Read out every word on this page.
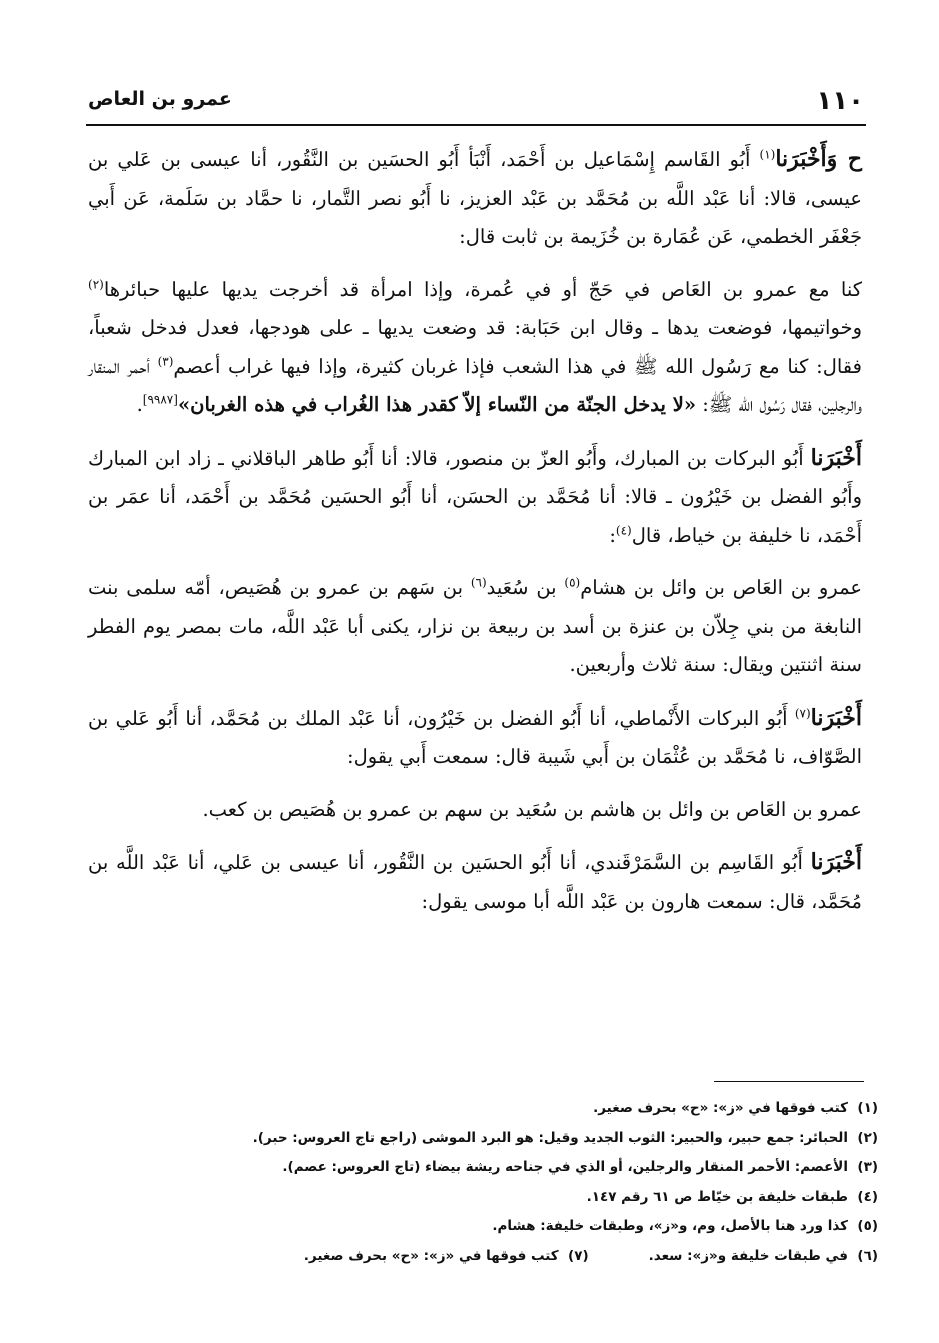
١١٠
عمرو بن العاص

ح وَأَخْبَرَنا$^{(١)}$ أَبُو القَاسم إِسْمَاعيل بن أَحْمَد، أَنْبَأ أَبُو الحسَين بن النَّقُور، أنا عيسى بن عَلي بن عيسى، قالا: أنا عَبْد اللَّه بن مُحَمَّد بن عَبْد العزيز، نا أَبُو نصر التَّمار، نا حمَّاد بن سَلَمة، عَن أَبي جَعْفَر الخطمي، عَن عُمَارة بن خُزَيمة بن ثابت قال:

كنا مع عمرو بن العَاص في حَجّ أو في عُمرة، وإذا امرأة قد أخرجت يديها عليها حبائرها$^{(٢)}$ وخواتيمها، فوضعت يدها ـ وقال ابن حَبَابة: قد وضعت يديها ـ على هودجها، فعدل فدخل شعباً، فقال: كنا مع رَسُول الله ﷺ في هذا الشعب فإذا غربان كثيرة، وإذا فيها غراب أعصم$^{(٣)}$ أحمر المنقار والرجلين، فقال رَسُول الله ﷺ: «لا يدخل الجنّة من النّساء إلاّ كقدر هذا الغُراب في هذه الغربان»[٩٩٨٧].

أَخْبَرَنا أَبُو البركات بن المبارك، وأَبُو العزّ بن منصور، قالا: أنا أَبُو طاهر الباقلاني ـ زاد ابن المبارك وأَبُو الفضل بن خَيْرُون ـ قالا: أنا مُحَمَّد بن الحسَن، أنا أَبُو الحسَين مُحَمَّد بن أَحْمَد، أنا عمَر بن أَحْمَد، نا خليفة بن خياط، قال$^{(٤)}$:

عمرو بن العَاص بن وائل بن هشام$^{(٥)}$ بن سُعَيد$^{(٦)}$ بن سَهم بن عمرو بن هُصَيص، أمّه سلمى بنت النابغة من بني جِلاّن بن عنزة بن أسد بن ربيعة بن نزار، يكنى أبا عَبْد اللَّه، مات بمصر يوم الفطر سنة اثنتين ويقال: سنة ثلاث وأربعين.

أَخْبَرَنا$^{(٧)}$ أَبُو البركات الأَنْماطي، أنا أَبُو الفضل بن خَيْرُون، أنا عَبْد الملك بن مُحَمَّد، أنا أَبُو عَلي بن الصَّوّاف، نا مُحَمَّد بن عُثْمَان بن أَبي شَيبة قال: سمعت أَبي يقول:

عمرو بن العَاص بن وائل بن هاشم بن سُعَيد بن سهم بن عمرو بن هُصَيص بن كعب.

أَخْبَرَنا أَبُو القَاسِم بن السَّمَرْقَندي، أنا أَبُو الحسَين بن النَّقُور، أنا عيسى بن عَلي، أنا عَبْد اللَّه بن مُحَمَّد، قال: سمعت هارون بن عَبْد اللَّه أبا موسى يقول:

(١)كتب فوقها في «ز»: «ح» بحرف صغير.
(٢)الحبائر: جمع حبير، والحبير: الثوب الجديد وقيل: هو البرد الموشى (راجع تاج العروس: حبر).
(٣)الأعصم: الأحمر المنقار والرجلين، أو الذي في جناحه ريشة بيضاء (تاج العروس: عصم).
(٤)طبقات خليفة بن خيّاط ص ٦١ رقم ١٤٧.
(٥)كذا ورد هنا بالأصل، وم، و«ز»، وطبقات خليفة: هشام.
(٦)في طبقات خليفة و«ز»: سعد.(٧)كتب فوقها في «ز»: «ح» بحرف صغير.
